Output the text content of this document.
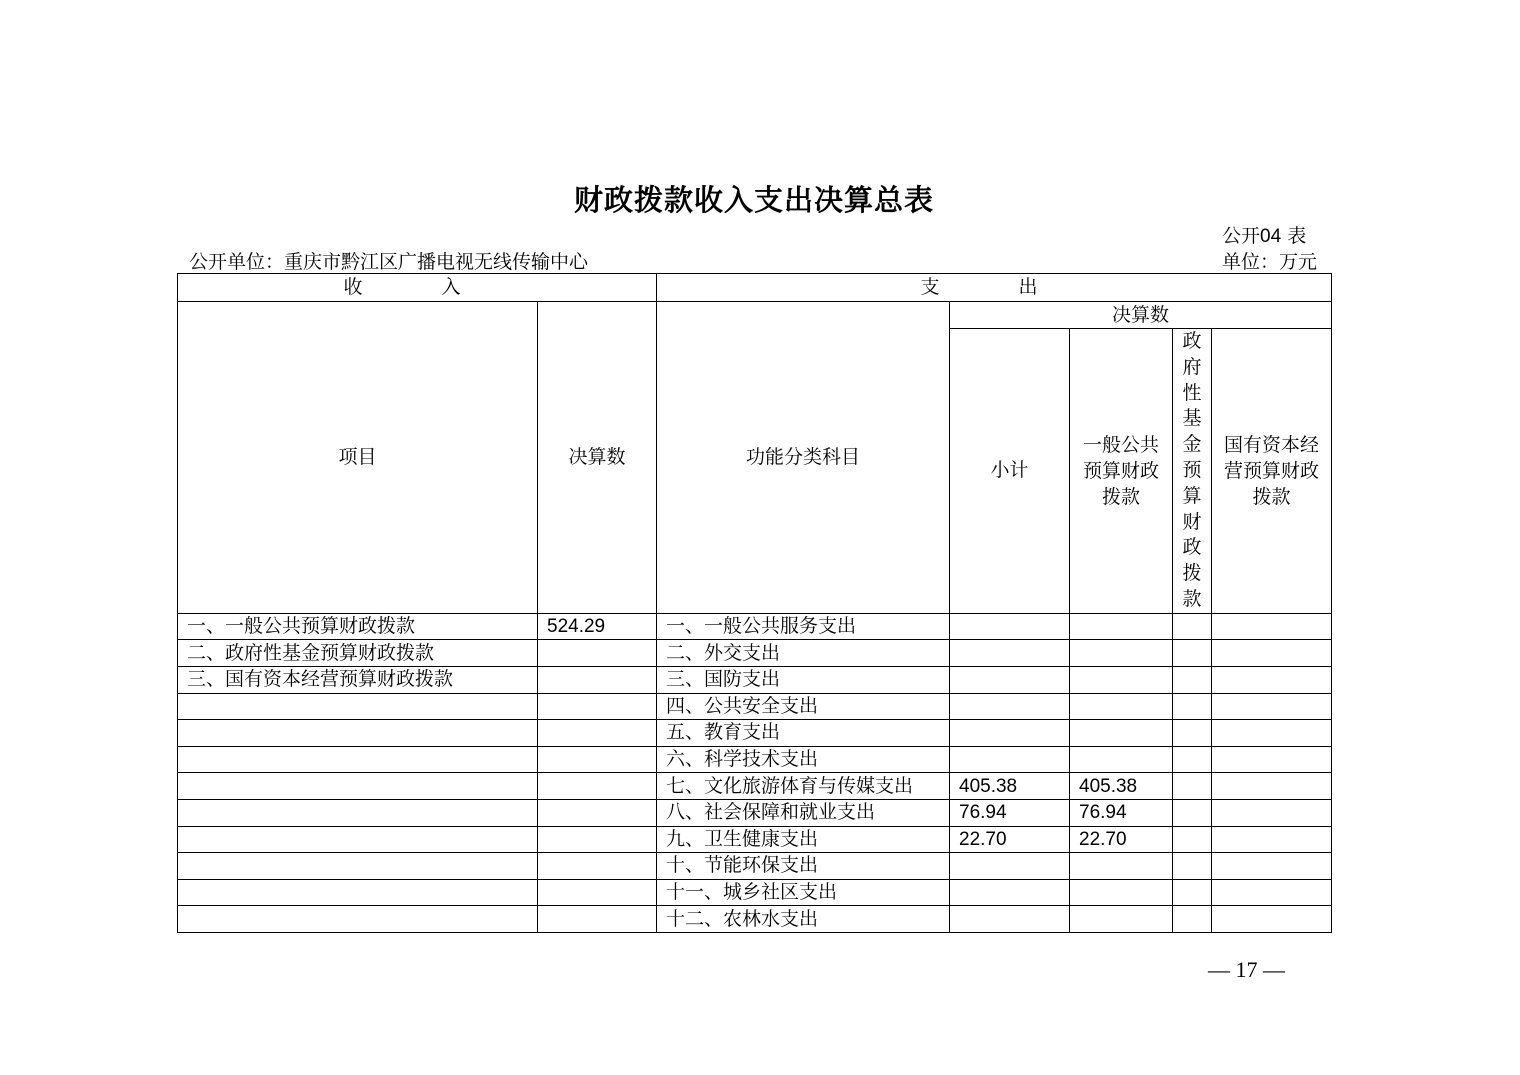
财政拨款收入支出决算总表
公开04 表
公开单位：重庆市黔江区广播电视无线传输中心	单位：万元
收　入		支　出				
项目	决算数	功能分类科目	决算数			
			小计	一般公共预算财政拨款	政府性基金预算财政拨款	国有资本经营预算财政拨款
一、一般公共预算财政拨款	524.29	一、一般公共服务支出				
二、政府性基金预算财政拨款		二、外交支出				
三、国有资本经营预算财政拨款		三、国防支出				
		四、公共安全支出				
		五、教育支出				
		六、科学技术支出				
		七、文化旅游体育与传媒支出	405.38	405.38		
		八、社会保障和就业支出	76.94	76.94		
		九、卫生健康支出	22.70	22.70		
		十、节能环保支出				
		十一、城乡社区支出				
		十二、农林水支出				
— 17 —
